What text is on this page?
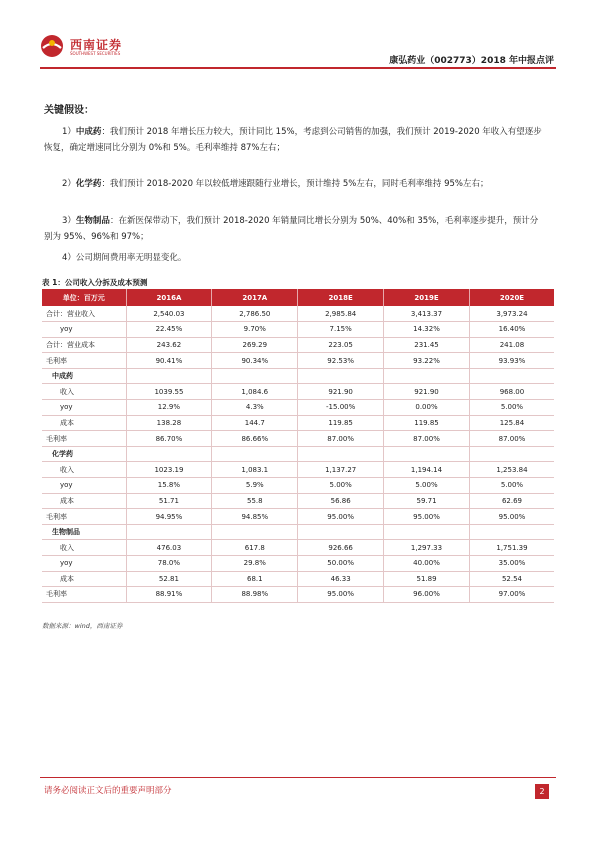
西南证券
SOUTHWEST SECURITIES
康弘药业（002773）2018 年中报点评
关键假设：
1）中成药：我们预计 2018 年增长压力较大，预计同比 15%，考虑到公司销售的加强，我们预计 2019-2020 年收入有望逐步恢复，确定增速同比分别为 0%和 5%。毛利率维持 87%左右；
2）化学药：我们预计 2018-2020 年以较低增速跟随行业增长，预计维持 5%左右，同时毛利率维持 95%左右；
3）生物制品：在新医保带动下，我们预计 2018-2020 年销量同比增长分别为 50%、40%和 35%，毛利率逐步提升，预计分别为 95%、96%和 97%；
4）公司期间费用率无明显变化。
表 1：公司收入分拆及成本预测
单位：百万元	2016A	2017A	2018E	2019E	2020E
合计：营业收入	2,540.03	2,786.50	2,985.84	3,413.37	3,973.24
yoy	22.45%	9.70%	7.15%	14.32%	16.40%
合计：营业成本	243.62	269.29	223.05	231.45	241.08
毛利率	90.41%	90.34%	92.53%	93.22%	93.93%
中成药					
收入	1039.55	1,084.6	921.90	921.90	968.00
yoy	12.9%	4.3%	-15.00%	0.00%	5.00%
成本	138.28	144.7	119.85	119.85	125.84
毛利率	86.70%	86.66%	87.00%	87.00%	87.00%
化学药					
收入	1023.19	1,083.1	1,137.27	1,194.14	1,253.84
yoy	15.8%	5.9%	5.00%	5.00%	5.00%
成本	51.71	55.8	56.86	59.71	62.69
毛利率	94.95%	94.85%	95.00%	95.00%	95.00%
生物制品					
收入	476.03	617.8	926.66	1,297.33	1,751.39
yoy	78.0%	29.8%	50.00%	40.00%	35.00%
成本	52.81	68.1	46.33	51.89	52.54
毛利率	88.91%	88.98%	95.00%	96.00%	97.00%
数据来源：wind，西南证券
请务必阅读正文后的重要声明部分	2
